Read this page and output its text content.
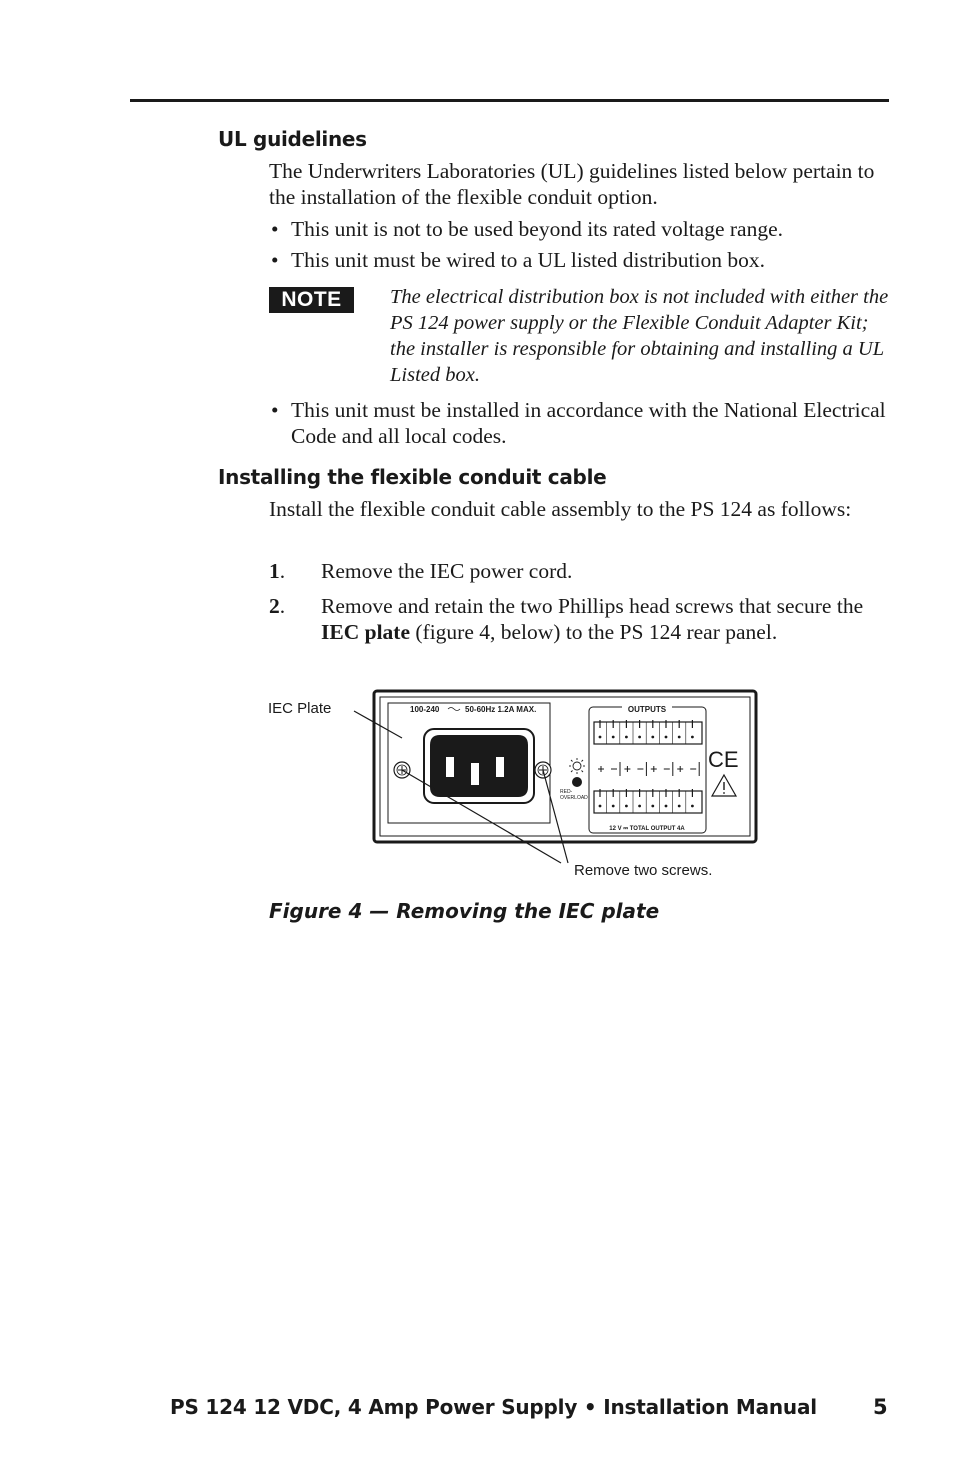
UL guidelines

The Underwriters Laboratories (UL) guidelines listed below pertain to the installation of the flexible conduit option.

• This unit is not to be used beyond its rated voltage range.
• This unit must be wired to a UL listed distribution box.
NOTE	The electrical distribution box is not included with either the PS 124 power supply or the Flexible Conduit Adapter Kit; the installer is responsible for obtaining and installing a UL Listed box.

• This unit must be installed in accordance with the National Electrical Code and all local codes.
Installing the flexible conduit cable

Install the flexible conduit cable assembly to the PS 124 as follows:

1. Remove the IEC power cord.
2. Remove and retain the two Phillips head screws that secure the IEC plate (figure 4, below) to the PS 124 rear panel.
100-240	50-60Hz 1.2A MAX.
RED-
OVERLOAD
OUTPUTS
12 V ⎓ TOTAL OUTPUT 4A
CE
IEC Plate
Remove two screws.

Figure 4 — Removing the IEC plate

PS 124 12 VDC, 4 Amp Power Supply • Installation Manual	5
